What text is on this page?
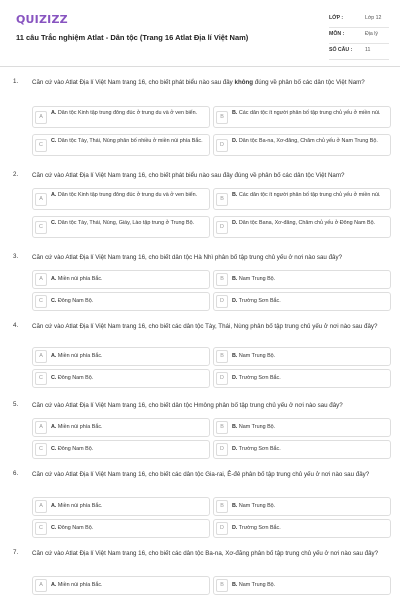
QUIZIZZ
11 câu Trắc nghiệm Atlat - Dân tộc (Trang 16 Atlat Địa lí Việt Nam)
LỚP :	Lớp 12
MÔN :	Địa lý
SỐ CÂU : 11
1. Căn cứ vào Atlat Địa lí Việt Nam trang 16, cho biết phát biểu nào sau đây không đúng về phân bố các dân tộc Việt Nam?
A
A. Dân tộc Kinh tập trung đông đúc ở trung du và ở ven biển.
B
B. Các dân tộc ít người phân bố tập trung chủ yếu ở miền núi.
C
C. Dân tộc Tày, Thái, Nùng phân bố nhiều ở miền núi phía Bắc.
D
D. Dân tộc Ba-na, Xơ-đăng, Chăm chủ yếu ở Nam Trung Bộ.
2. Căn cứ vào Atlat Địa lí Việt Nam trang 16, cho biết phát biểu nào sau đây đúng về phân bố các dân tộc Việt Nam?
A
A. Dân tộc Kinh tập trung đông đúc ở trung du và ở ven biển.
B
B. Các dân tộc ít người phân bố tập trung chủ yếu ở miền núi.
C
C. Dân tộc Tày, Thái, Nùng, Giáy, Lào tập trung ở Trung Bộ.
D
D. Dân tộc Bana, Xơ-đăng, Chăm chủ yếu ở Đông Nam Bộ.
3. Căn cứ vào Atlat Địa lí Việt Nam trang 16, cho biết dân tộc Hà Nhì phân bố tập trung chủ yếu ở nơi nào sau đây?
A	A. Miền núi phía Bắc.	B	B. Nam Trung Bộ.
C	C. Đông Nam Bộ.	D	D. Trường Sơn Bắc.
4. Căn cứ vào Atlat Địa lí Việt Nam trang 16, cho biết các dân tộc Tày, Thái, Nùng phân bố tập trung chủ yếu ở nơi nào sau đây?
A	A. Miền núi phía Bắc.	B	B. Nam Trung Bộ.
C	C. Đông Nam Bộ.	D	D. Trường Sơn Bắc.
5. Căn cứ vào Atlat Địa lí Việt Nam trang 16, cho biết dân tộc Hmông phân bố tập trung chủ yếu ở nơi nào sau đây?
A	A. Miền núi phía Bắc.	B	B. Nam Trung Bộ.
C	C. Đông Nam Bộ.	D	D. Trường Sơn Bắc.
6. Căn cứ vào Atlat Địa lí Việt Nam trang 16, cho biết các dân tộc Gia-rai, Ê-đê phân bố tập trung chủ yếu ở nơi nào sau đây?
A	A. Miền núi phía Bắc.	B	B. Nam Trung Bộ.
C	C. Đông Nam Bộ.	D	D. Trường Sơn Bắc.
7. Căn cứ vào Atlat Địa lí Việt Nam trang 16, cho biết các dân tộc Ba-na, Xơ-đăng phân bố tập trung chủ yếu ở nơi nào sau đây?
A	A. Miền núi phía Bắc.	B	B. Nam Trung Bộ.
